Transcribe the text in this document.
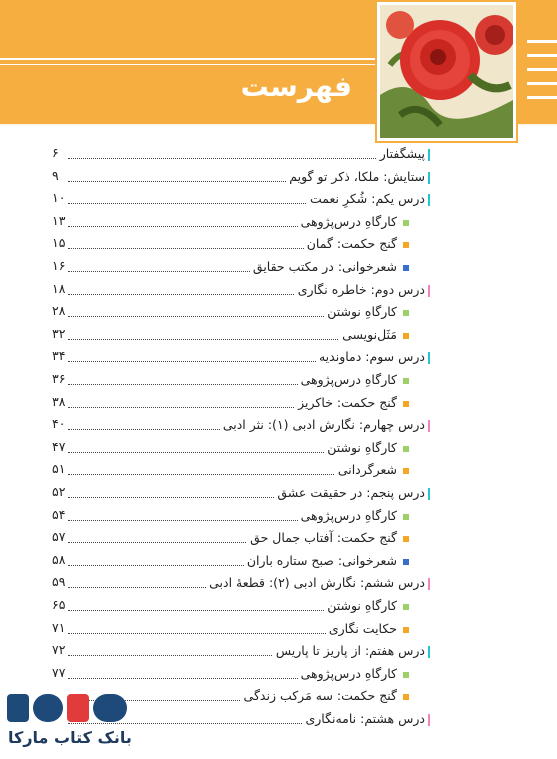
فهرست
پیشگفتار
۶
ستایش: ملکا، ذکر تو گویم
۹
درس یکم: شُکرِ نعمت
۱۰
کارگاهِ درس‌پژوهی
۱۳
گنج حکمت: گمان
۱۵
شعرخوانی: در مکتب حقایق
۱۶
درس دوم: خاطره نگاری
۱۸
کارگاهِ نوشتن
۲۸
مَثَل‌نویسی
۳۲
درس سوم: دماوندیه
۳۴
کارگاهِ درس‌پژوهی
۳۶
گنج حکمت: خاکریز
۳۸
درس چهارم: نگارش ادبی (۱): نثر ادبی
۴۰
کارگاهِ نوشتن
۴۷
شعرگردانی
۵۱
درس پنجم: در حقیقت عشق
۵۲
کارگاهِ درس‌پژوهی
۵۴
گنج حکمت: آفتاب جمال حق
۵۷
شعرخوانی: صبح ستاره باران
۵۸
درس ششم: نگارش ادبی (۲): قطعهٔ ادبی
۵۹
کارگاهِ نوشتن
۶۵
حکایت نگاری
۷۱
درس هفتم: از پاریز تا پاریس
۷۲
کارگاهِ درس‌پژوهی
۷۷
گنج حکمت: سه مَرکب زندگی
درس هشتم: نامه‌نگاری
بانک کتاب مارکا
